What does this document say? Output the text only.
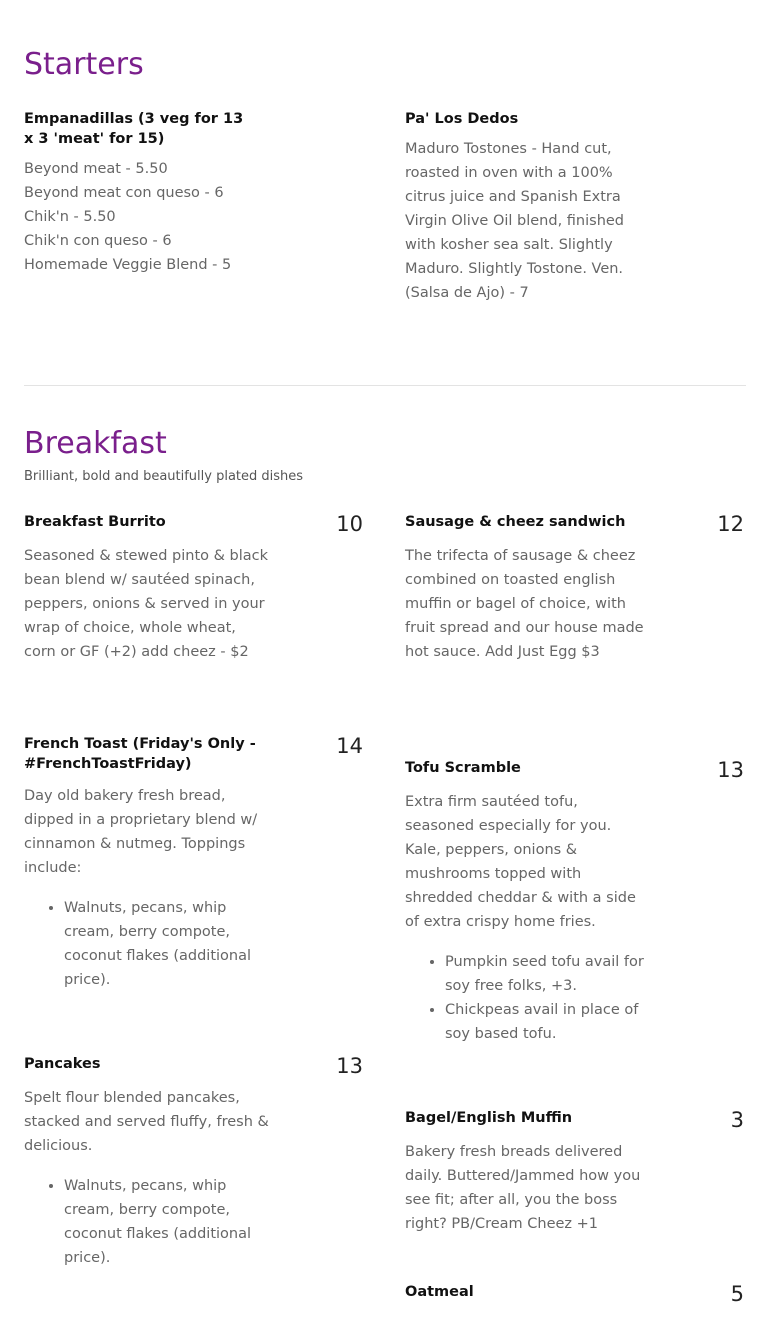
Starters
Empanadillas (3 veg for 13 x 3 'meat' for 15)
Beyond meat - 5.50
Beyond meat con queso - 6
Chik'n - 5.50
Chik'n con queso - 6
Homemade Veggie Blend - 5
Pa' Los Dedos

Maduro Tostones - Hand cut, roasted in oven with a 100% citrus juice and Spanish Extra Virgin Olive Oil blend, finished with kosher sea salt. Slightly Maduro. Slightly Tostone. Ven. (Salsa de Ajo) - 7

Breakfast
Brilliant, bold and beautifully plated dishes
Breakfast Burrito

Seasoned & stewed pinto & black bean blend w/ sautéed spinach, peppers, onions & served in your wrap of choice, whole wheat, corn or GF (+2) add cheez - $2

10	Sausage & cheez sandwich

The trifecta of sausage & cheez combined on toasted english muffin or bagel of choice, with fruit spread and our house made hot sauce. Add Just Egg $3

12
French Toast (Friday's Only - #FrenchToastFriday)

Day old bakery fresh bread, dipped in a proprietary blend w/ cinnamon & nutmeg. Toppings include:

• Walnuts, pecans, whip cream, berry compote, coconut flakes (additional price).
14
Tofu Scramble

Extra firm sautéed tofu, seasoned especially for you. Kale, peppers, onions & mushrooms topped with shredded cheddar & with a side of extra crispy home fries.

• Pumpkin seed tofu avail for soy free folks, +3.
• Chickpeas avail in place of soy based tofu.
13
Pancakes

Spelt flour blended pancakes, stacked and served fluffy, fresh & delicious.

• Walnuts, pecans, whip cream, berry compote, coconut flakes (additional price).
13
Bagel/English Muffin

Bakery fresh breads delivered daily. Buttered/Jammed how you see fit; after all, you the boss right? PB/Cream Cheez +1

3
Oatmeal	5
